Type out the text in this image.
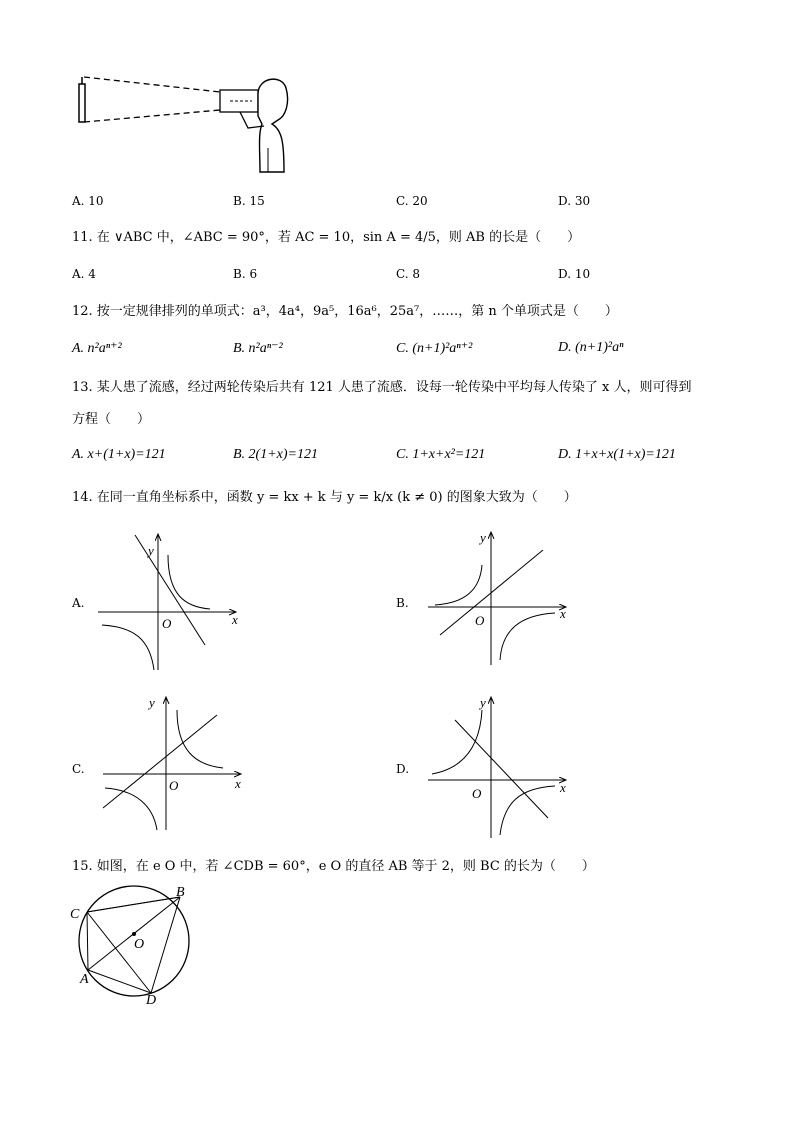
A. 10	B. 15	C. 20	D. 30
11. 在 ∨ABC 中，∠ABC = 90°，若 AC = 10，sin A = 4/5，则 AB 的长是（　　）
A. 4	B. 6	C. 8	D. 10
12. 按一定规律排列的单项式：a³，4a⁴，9a⁵，16a⁶，25a⁷，……，第 n 个单项式是（　　）
A. n²aⁿ⁺²	B. n²aⁿ⁻²	C. (n+1)²aⁿ⁺²	D. (n+1)²aⁿ
13. 某人患了流感，经过两轮传染后共有 121 人患了流感．设每一轮传染中平均每人传染了 x 人，则可得到
方程（　　）
A. x+(1+x)=121	B. 2(1+x)=121	C. 1+x+x²=121	D. 1+x+x(1+x)=121
14. 在同一直角坐标系中，函数 y = kx + k 与 y = k/x (k ≠ 0) 的图象大致为（　　）
A.
y
x
O
B.
y
x
O
C.
y
x
O
D.
y
x
O
15. 如图，在 e O 中，若 ∠CDB = 60°，e O 的直径 AB 等于 2，则 BC 的长为（　　）
C
B
O
A
D
